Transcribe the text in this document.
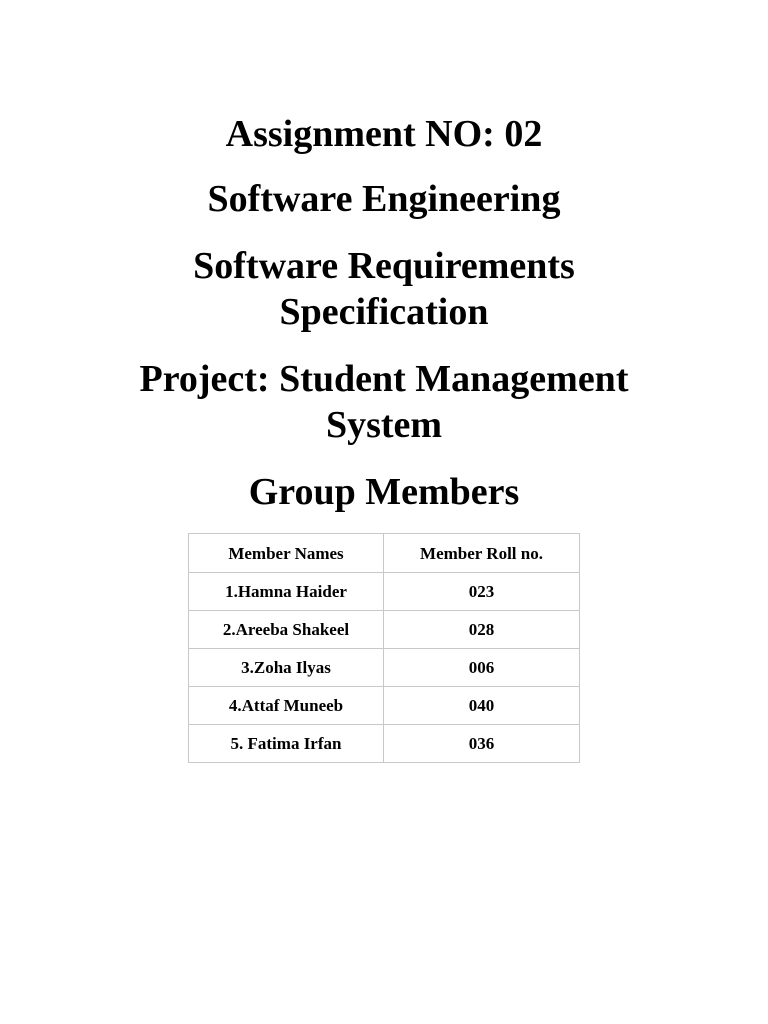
Assignment NO: 02
Software Engineering
Software Requirements
Specification
Project: Student Management
System
Group Members
Member Names	Member Roll no.
1.Hamna Haider	023
2.Areeba Shakeel	028
3.Zoha Ilyas	006
4.Attaf Muneeb	040
5. Fatima Irfan	036
